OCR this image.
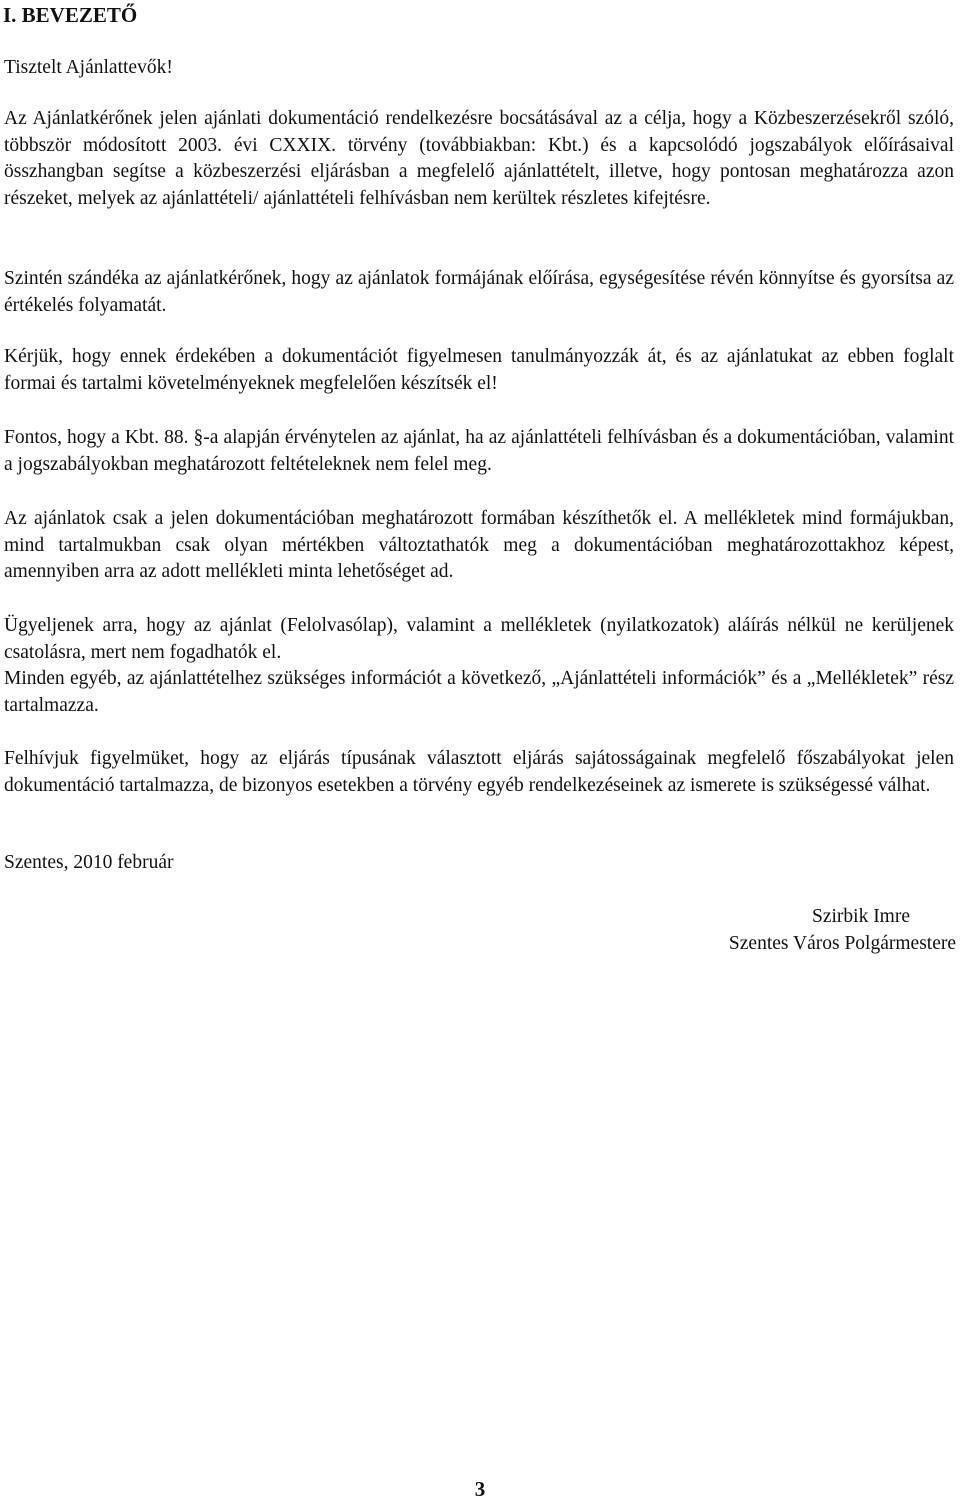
I. BEVEZETŐ

Tisztelt Ajánlattevők!

Az Ajánlatkérőnek jelen ajánlati dokumentáció rendelkezésre bocsátásával az a célja, hogy a Közbeszerzésekről szóló, többször módosított 2003. évi CXXIX. törvény (továbbiakban: Kbt.) és a kapcsolódó jogszabályok előírásaival összhangban segítse a közbeszerzési eljárásban a megfelelő ajánlattételt, illetve, hogy pontosan meghatározza azon részeket, melyek az ajánlattételi/ ajánlattételi felhívásban nem kerültek részletes kifejtésre.

Szintén szándéka az ajánlatkérőnek, hogy az ajánlatok formájának előírása, egységesítése révén könnyítse és gyorsítsa az értékelés folyamatát.

Kérjük, hogy ennek érdekében a dokumentációt figyelmesen tanulmányozzák át, és az ajánlatukat az ebben foglalt formai és tartalmi követelményeknek megfelelően készítsék el!

Fontos, hogy a Kbt. 88. §-a alapján érvénytelen az ajánlat, ha az ajánlattételi felhívásban és a dokumentációban, valamint a jogszabályokban meghatározott feltételeknek nem felel meg.

Az ajánlatok csak a jelen dokumentációban meghatározott formában készíthetők el. A mellékletek mind formájukban, mind tartalmukban csak olyan mértékben változtathatók meg a dokumentációban meghatározottakhoz képest, amennyiben arra az adott mellékleti minta lehetőséget ad.

Ügyeljenek arra, hogy az ajánlat (Felolvasólap), valamint a mellékletek (nyilatkozatok) aláírás nélkül ne kerüljenek csatolásra, mert nem fogadhatók el.

Minden egyéb, az ajánlattételhez szükséges információt a következő, „Ajánlattételi információk” és a „Mellékletek” rész tartalmazza.

Felhívjuk figyelmüket, hogy az eljárás típusának választott eljárás sajátosságainak megfelelő főszabályokat jelen dokumentáció tartalmazza, de bizonyos esetekben a törvény egyéb rendelkezéseinek az ismerete is szükségessé válhat.

Szentes, 2010 február

Szirbik Imre
Szentes Város Polgármestere
3
